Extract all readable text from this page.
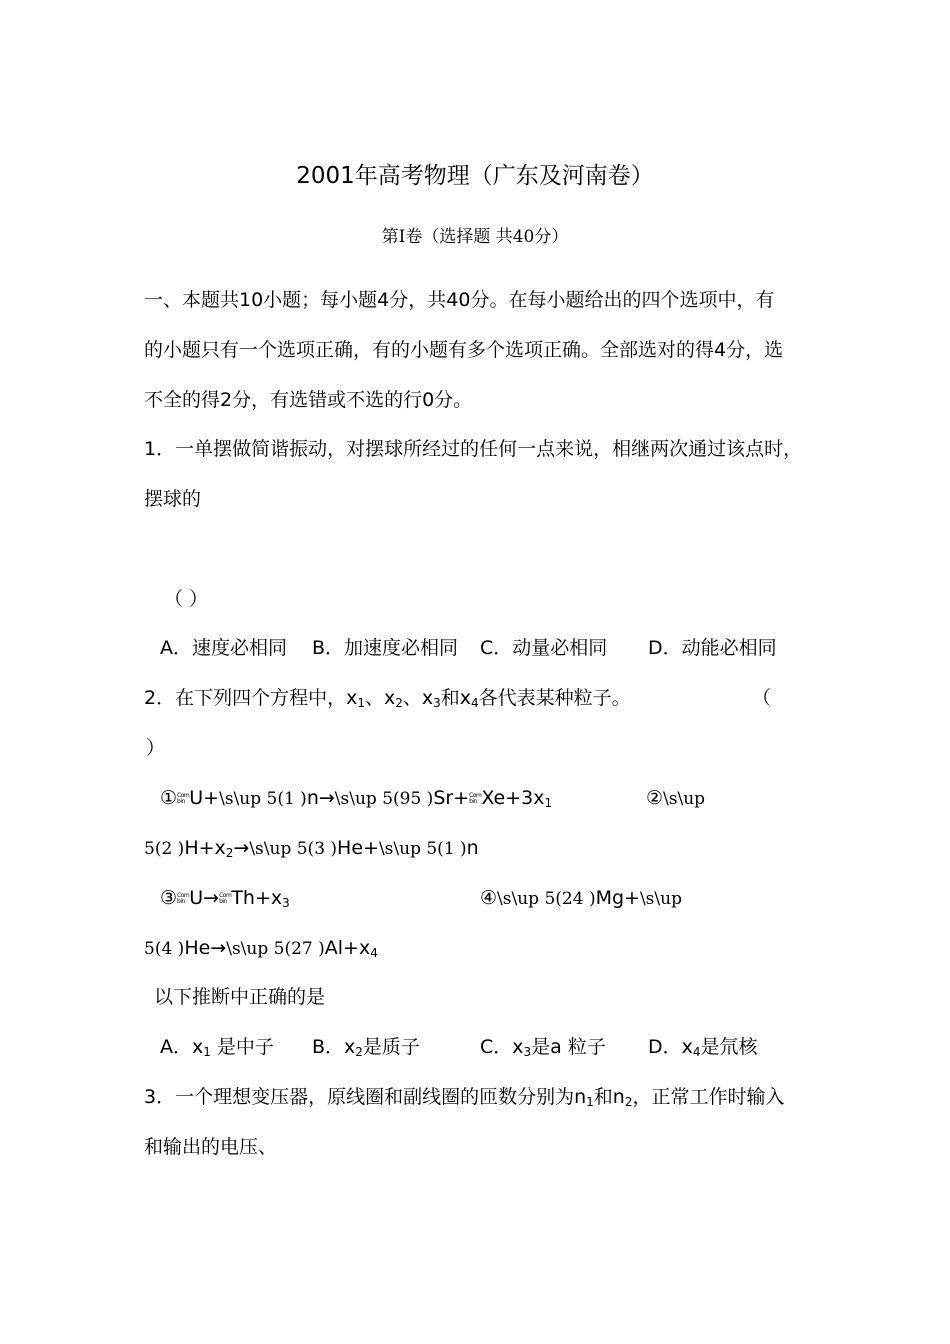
2001年高考物理（广东及河南卷）
第Ⅰ卷（选择题 共40分）
一、本题共10小题；每小题4分，共40分。在每小题给出的四个选项中，有
的小题只有一个选项正确，有的小题有多个选项正确。全部选对的得4分，选
不全的得2分，有选错或不选的行0分。
1．一单摆做简谐振动，对摆球所经过的任何一点来说，相继两次通过该点时，
摆球的
（ ）
A．速度必相同 B．加速度必相同 C．动量必相同 D．动能必相同
2．在下列四个方程中，$x_1$、$x_2$、$x_3$和$x_4$各代表某种粒子。	（
）
①Com
bin U+\s\up 5(1 )n→\s\up 5(95 )Sr+Com
bin $Xe+3x_1$	②\s\up
5(2 )$H+x_2\to\backslash s\backslash up$ 5(3 )He+\s\up 5(1 )n
③Com
bin U→Com
bin $Th+x_3$	④\s\up 5(24 )Mg+\s\up
5(4 )He→\s\up 5(27 )$Al+x_4$
以下推断中正确的是
A．$x_1$ 是中子 B．$x_2$是质子	C．$x_3$是a 粒子 D．$x_4$是氘核
3．一个理想变压器，原线圈和副线圈的匝数分别为$n_1$和$n_2$，正常工作时输入
和输出的电压、
